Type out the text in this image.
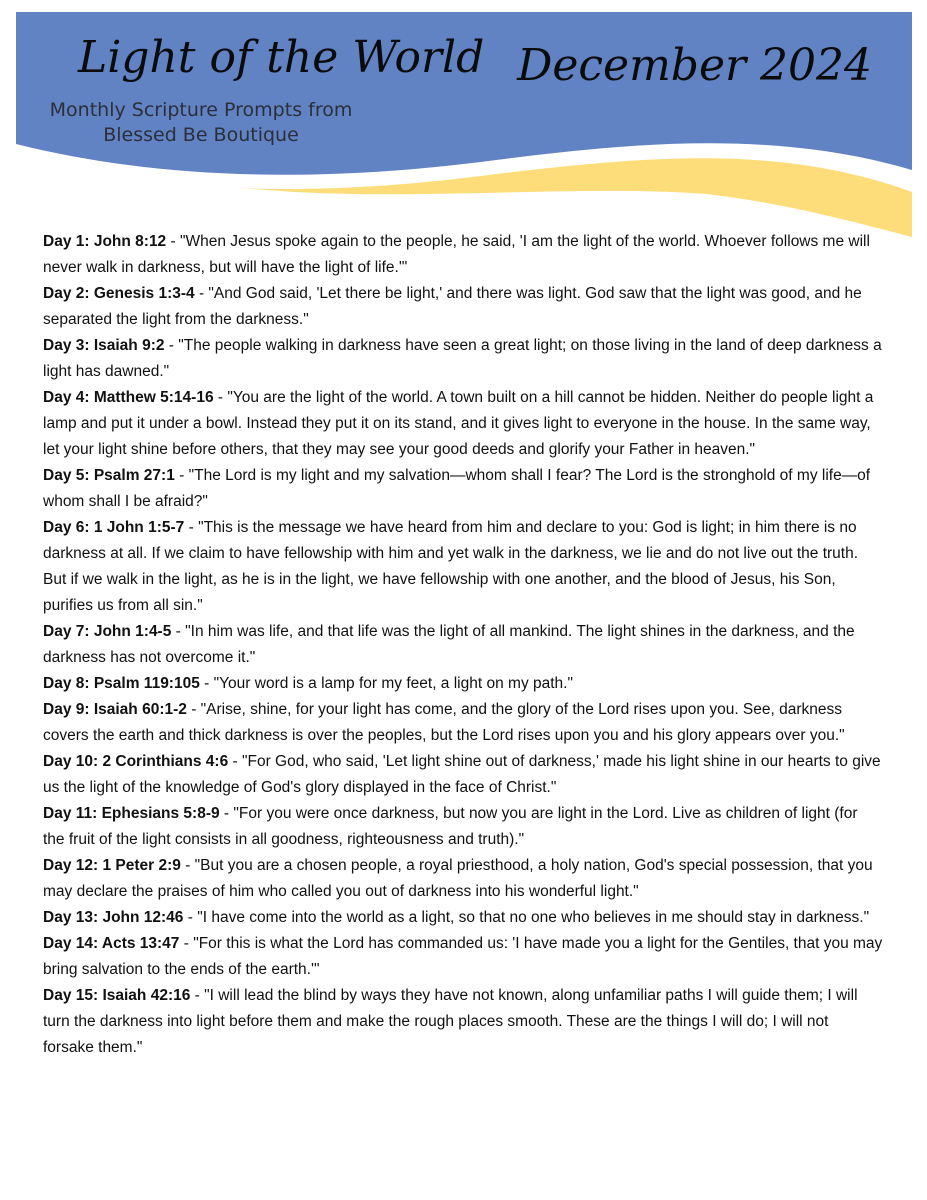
Light of the World December 2024
Monthly Scripture Prompts from
Blessed Be Boutique

Day 1: John 8:12 - "When Jesus spoke again to the people, he said, 'I am the light of the world. Whoever follows me will never walk in darkness, but will have the light of life.'"

Day 2: Genesis 1:3-4 - "And God said, 'Let there be light,' and there was light. God saw that the light was good, and he separated the light from the darkness."

Day 3: Isaiah 9:2 - "The people walking in darkness have seen a great light; on those living in the land of deep darkness a light has dawned."

Day 4: Matthew 5:14-16 - "You are the light of the world. A town built on a hill cannot be hidden. Neither do people light a lamp and put it under a bowl. Instead they put it on its stand, and it gives light to everyone in the house. In the same way, let your light shine before others, that they may see your good deeds and glorify your Father in heaven."

Day 5: Psalm 27:1 - "The Lord is my light and my salvation—whom shall I fear? The Lord is the stronghold of my life—of whom shall I be afraid?"

Day 6: 1 John 1:5-7 - "This is the message we have heard from him and declare to you: God is light; in him there is no darkness at all. If we claim to have fellowship with him and yet walk in the darkness, we lie and do not live out the truth. But if we walk in the light, as he is in the light, we have fellowship with one another, and the blood of Jesus, his Son, purifies us from all sin."

Day 7: John 1:4-5 - "In him was life, and that life was the light of all mankind. The light shines in the darkness, and the darkness has not overcome it."

Day 8: Psalm 119:105 - "Your word is a lamp for my feet, a light on my path."

Day 9: Isaiah 60:1-2 - "Arise, shine, for your light has come, and the glory of the Lord rises upon you. See, darkness covers the earth and thick darkness is over the peoples, but the Lord rises upon you and his glory appears over you."

Day 10: 2 Corinthians 4:6 - "For God, who said, 'Let light shine out of darkness,' made his light shine in our hearts to give us the light of the knowledge of God's glory displayed in the face of Christ."

Day 11: Ephesians 5:8-9 - "For you were once darkness, but now you are light in the Lord. Live as children of light (for the fruit of the light consists in all goodness, righteousness and truth)."

Day 12: 1 Peter 2:9 - "But you are a chosen people, a royal priesthood, a holy nation, God's special possession, that you may declare the praises of him who called you out of darkness into his wonderful light."

Day 13: John 12:46 - "I have come into the world as a light, so that no one who believes in me should stay in darkness."

Day 14: Acts 13:47 - "For this is what the Lord has commanded us: 'I have made you a light for the Gentiles, that you may bring salvation to the ends of the earth.'"

Day 15: Isaiah 42:16 - "I will lead the blind by ways they have not known, along unfamiliar paths I will guide them; I will turn the darkness into light before them and make the rough places smooth. These are the things I will do; I will not forsake them."
